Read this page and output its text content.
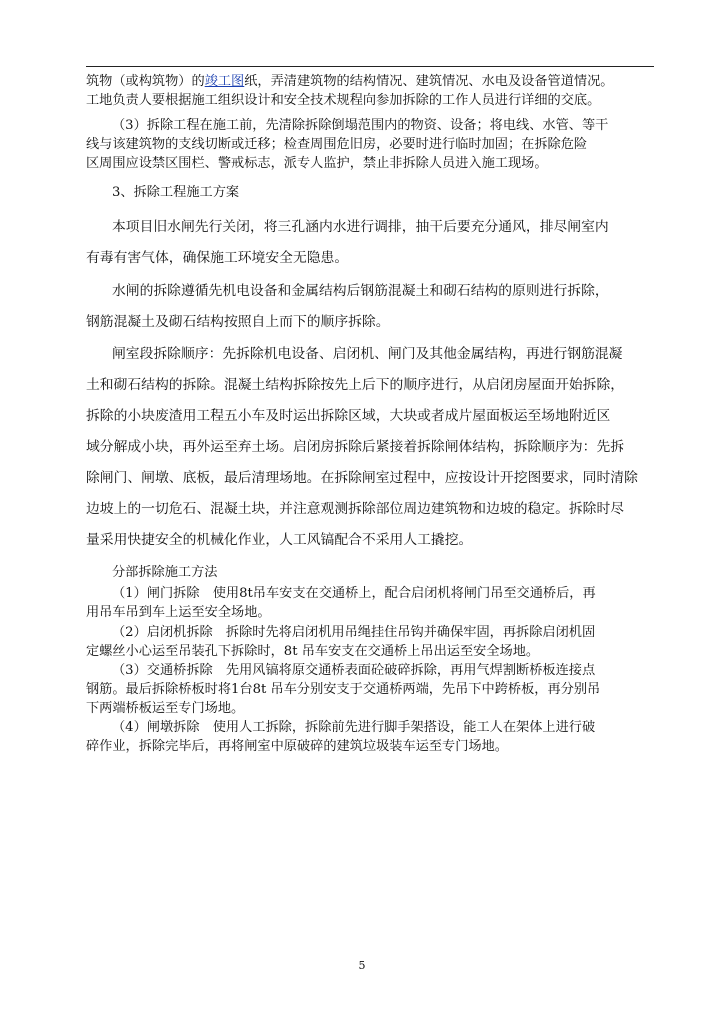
筑物（或构筑物）的竣工图纸，弄清建筑物的结构情况、建筑情况、水电及设备管道情况。
工地负责人要根据施工组织设计和安全技术规程向参加拆除的工作人员进行详细的交底。
（3）拆除工程在施工前，先清除拆除倒塌范围内的物资、设备；将电线、水管、等干
线与该建筑物的支线切断或迁移；检查周围危旧房，必要时进行临时加固；在拆除危险
区周围应设禁区围栏、警戒标志，派专人监护，禁止非拆除人员进入施工现场。
3、拆除工程施工方案
本项目旧水闸先行关闭，将三孔涵内水进行调排，抽干后要充分通风，排尽闸室内
有毒有害气体，确保施工环境安全无隐患。
水闸的拆除遵循先机电设备和金属结构后钢筋混凝土和砌石结构的原则进行拆除，
钢筋混凝土及砌石结构按照自上而下的顺序拆除。
闸室段拆除顺序：先拆除机电设备、启闭机、闸门及其他金属结构，再进行钢筋混凝
土和砌石结构的拆除。混凝土结构拆除按先上后下的顺序进行，从启闭房屋面开始拆除，
拆除的小块废渣用工程五小车及时运出拆除区域，大块或者成片屋面板运至场地附近区
域分解成小块，再外运至弃土场。启闭房拆除后紧接着拆除闸体结构，拆除顺序为：先拆
除闸门、闸墩、底板，最后清理场地。在拆除闸室过程中，应按设计开挖图要求，同时清除
边坡上的一切危石、混凝土块，并注意观测拆除部位周边建筑物和边坡的稳定。拆除时尽
量采用快捷安全的机械化作业，人工风镐配合不采用人工撬挖。
分部拆除施工方法
（1）闸门拆除　使用8t吊车安支在交通桥上，配合启闭机将闸门吊至交通桥后，再
用吊车吊到车上运至安全场地。
（2）启闭机拆除　拆除时先将启闭机用吊绳挂住吊钩并确保牢固，再拆除启闭机固
定螺丝小心运至吊装孔下拆除时，8t 吊车安支在交通桥上吊出运至安全场地。
（3）交通桥拆除　先用风镐将原交通桥表面砼破碎拆除，再用气焊割断桥板连接点
钢筋。最后拆除桥板时将1台8t 吊车分别安支于交通桥两端，先吊下中跨桥板，再分别吊
下两端桥板运至专门场地。
（4）闸墩拆除　使用人工拆除，拆除前先进行脚手架搭设，能工人在架体上进行破
碎作业，拆除完毕后，再将闸室中原破碎的建筑垃圾装车运至专门场地。
5
